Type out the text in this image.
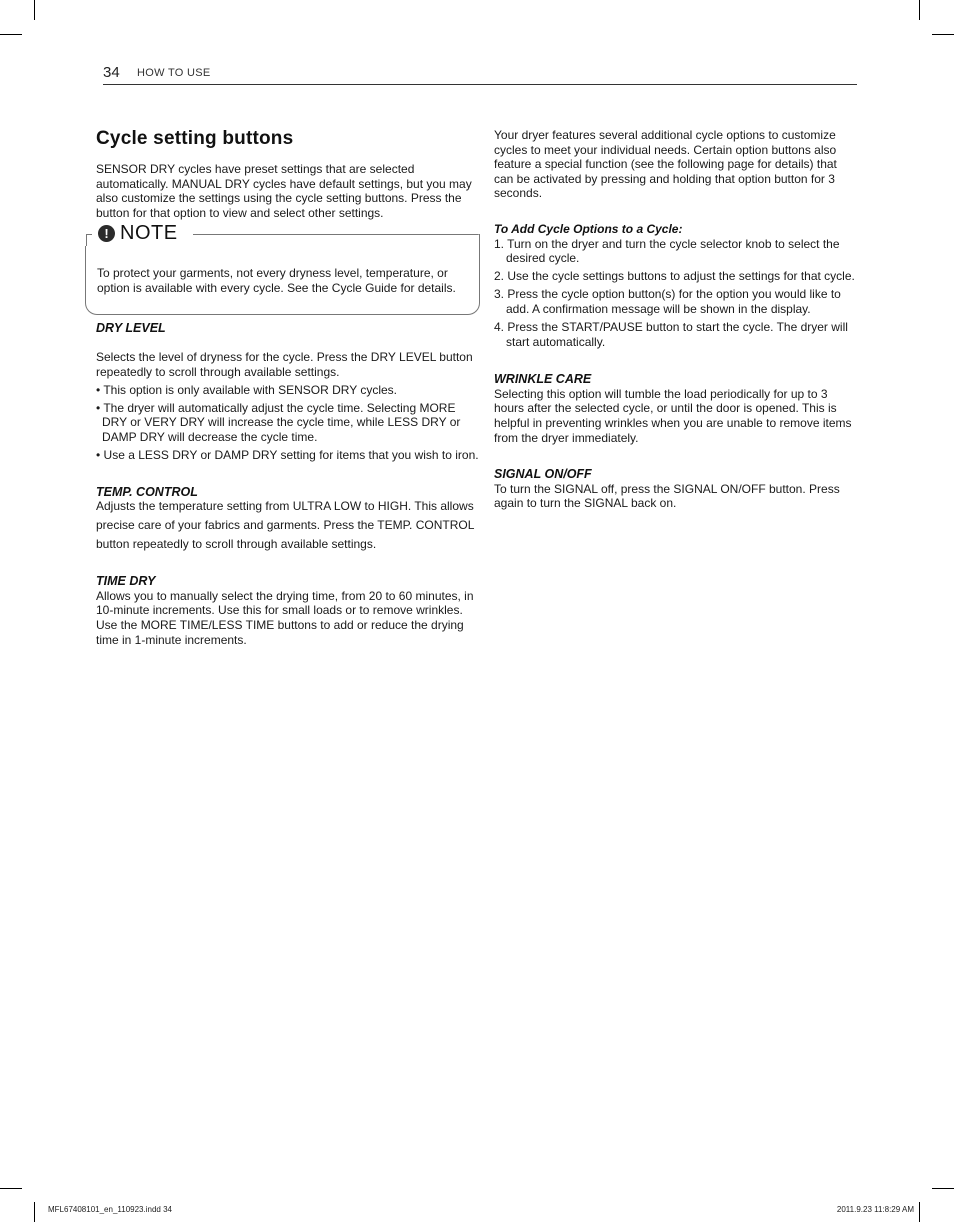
34 HOW TO USE
Cycle setting buttons

SENSOR DRY cycles have preset settings that are selected automatically. MANUAL DRY cycles have default settings, but you may also customize the settings using the cycle setting buttons. Press the button for that option to view and select other settings.

! NOTE

To protect your garments, not every dryness level, temperature, or option is available with every cycle. See the Cycle Guide for details.

DRY LEVEL

Selects the level of dryness for the cycle. Press the DRY LEVEL button repeatedly to scroll through available settings.

• This option is only available with SENSOR DRY cycles.

• The dryer will automatically adjust the cycle time. Selecting MORE DRY or VERY DRY will increase the cycle time, while LESS DRY or DAMP DRY will decrease the cycle time.

• Use a LESS DRY or DAMP DRY setting for items that you wish to iron.

TEMP. CONTROL

Adjusts the temperature setting from ULTRA LOW to HIGH. This allows precise care of your fabrics and garments. Press the TEMP. CONTROL button repeatedly to scroll through available settings.

TIME DRY

Allows you to manually select the drying time, from 20 to 60 minutes, in 10-minute increments. Use this for small loads or to remove wrinkles. Use the MORE TIME/LESS TIME buttons to add or reduce the drying time in 1-minute increments.

Your dryer features several additional cycle options to customize cycles to meet your individual needs. Certain option buttons also feature a special function (see the following page for details) that can be activated by pressing and holding that option button for 3 seconds.

To Add Cycle Options to a Cycle:

1. Turn on the dryer and turn the cycle selector knob to select the desired cycle.

2. Use the cycle settings buttons to adjust the settings for that cycle.

3. Press the cycle option button(s) for the option you would like to add. A confirmation message will be shown in the display.

4. Press the START/PAUSE button to start the cycle. The dryer will start automatically.

WRINKLE CARE

Selecting this option will tumble the load periodically for up to 3 hours after the selected cycle, or until the door is opened. This is helpful in preventing wrinkles when you are unable to remove items from the dryer immediately.

SIGNAL ON/OFF

To turn the SIGNAL off, press the SIGNAL ON/OFF button. Press again to turn the SIGNAL back on.

MFL67408101_en_110923.indd 34	2011.9.23 11:8:29 AM
